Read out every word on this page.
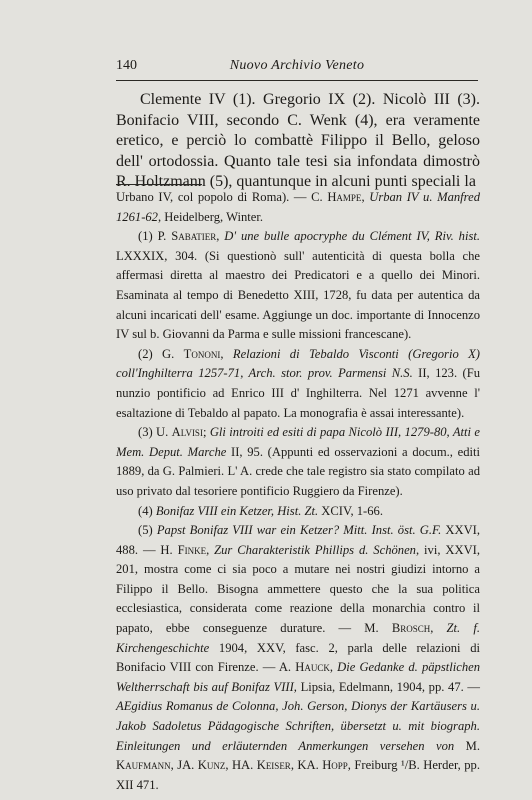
140	Nuovo Archivio Veneto

Clemente IV (1). Gregorio IX (2). Nicolò III (3). Bonifacio VIII, secondo C. Wenk (4), era veramente eretico, e perciò lo combattè Filippo il Bello, geloso dell' ortodossia. Quanto tale tesi sia infondata dimostrò R. Holtzmann (5), quantunque in alcuni punti speciali la

Urbano IV, col popolo di Roma). — C. Hampe, Urban IV u. Manfred 1261-62, Heidelberg, Winter.

(1) P. Sabatier, D' une bulle apocryphe du Clément IV, Riv. hist. LXXXIX, 304. (Si questionò sull' autenticità di questa bolla che affermasi diretta al maestro dei Predicatori e a quello dei Minori. Esaminata al tempo di Benedetto XIII, 1728, fu data per autentica da alcuni incaricati dell' esame. Aggiunge un doc. importante di Innocenzo IV sul b. Giovanni da Parma e sulle missioni francescane).

(2) G. Tononi, Relazioni di Tebaldo Visconti (Gregorio X) coll'Inghilterra 1257-71, Arch. stor. prov. Parmensi N.S. II, 123. (Fu nunzio pontificio ad Enrico III d' Inghilterra. Nel 1271 avvenne l' esaltazione di Tebaldo al papato. La monografia è assai interessante).

(3) U. Alvisi; Gli introiti ed esiti di papa Nicolò III, 1279-80, Atti e Mem. Deput. Marche II, 95. (Appunti ed osservazioni a docum., editi 1889, da G. Palmieri. L' A. crede che tale registro sia stato compilato ad uso privato dal tesoriere pontificio Ruggiero da Firenze).

(4) Bonifaz VIII ein Ketzer, Hist. Zt. XCIV, 1-66.

(5) Papst Bonifaz VIII war ein Ketzer? Mitt. Inst. öst. G.F. XXVI, 488. — H. Finke, Zur Charakteristik Phillips d. Schönen, ivi, XXVI, 201, mostra come ci sia poco a mutare nei nostri giudizi intorno a Filippo il Bello. Bisogna ammettere questo che la sua politica ecclesiastica, considerata come reazione della monarchia contro il papato, ebbe conseguenze durature. — M. Brosch, Zt. f. Kirchengeschichte 1904, XXV, fasc. 2, parla delle relazioni di Bonifacio VIII con Firenze. — A. Hauck, Die Gedanke d. päpstlichen Weltherrschaft bis auf Bonifaz VIII, Lipsia, Edelmann, 1904, pp. 47. — AEgidius Romanus de Colonna, Joh. Gerson, Dionys der Kartäusers u. Jakob Sadoletus Pädagogische Schriften, übersetzt u. mit biograph. Einleitungen und erläuternden Anmerkungen versehen von M. Kaufmann, JA. Kunz, HA. Keiser, KA. Hopp, Freiburg ¹/B. Herder, pp. XII 471.
